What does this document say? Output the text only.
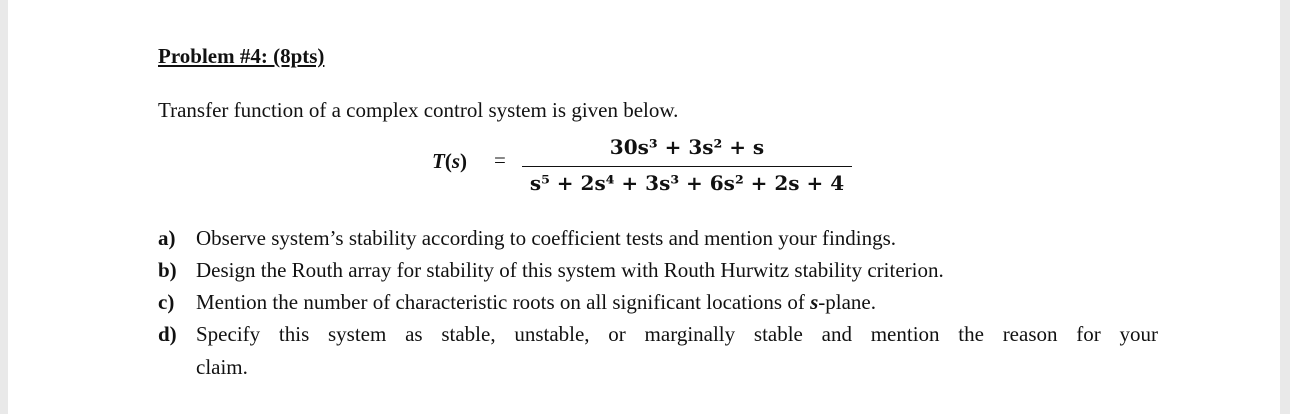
Problem #4: (8pts)
Transfer function of a complex control system is given below.
T(s) =
30s³ + 3s² + s
s⁵ + 2s⁴ + 3s³ + 6s² + 2s + 4
a) Observe system’s stability according to coefficient tests and mention your findings.
b) Design the Routh array for stability of this system with Routh Hurwitz stability criterion.
c)	Mention the number of characteristic roots on all significant locations of s-plane.
d) Specify this system as stable, unstable, or marginally stable and mention the reason for your
claim.
